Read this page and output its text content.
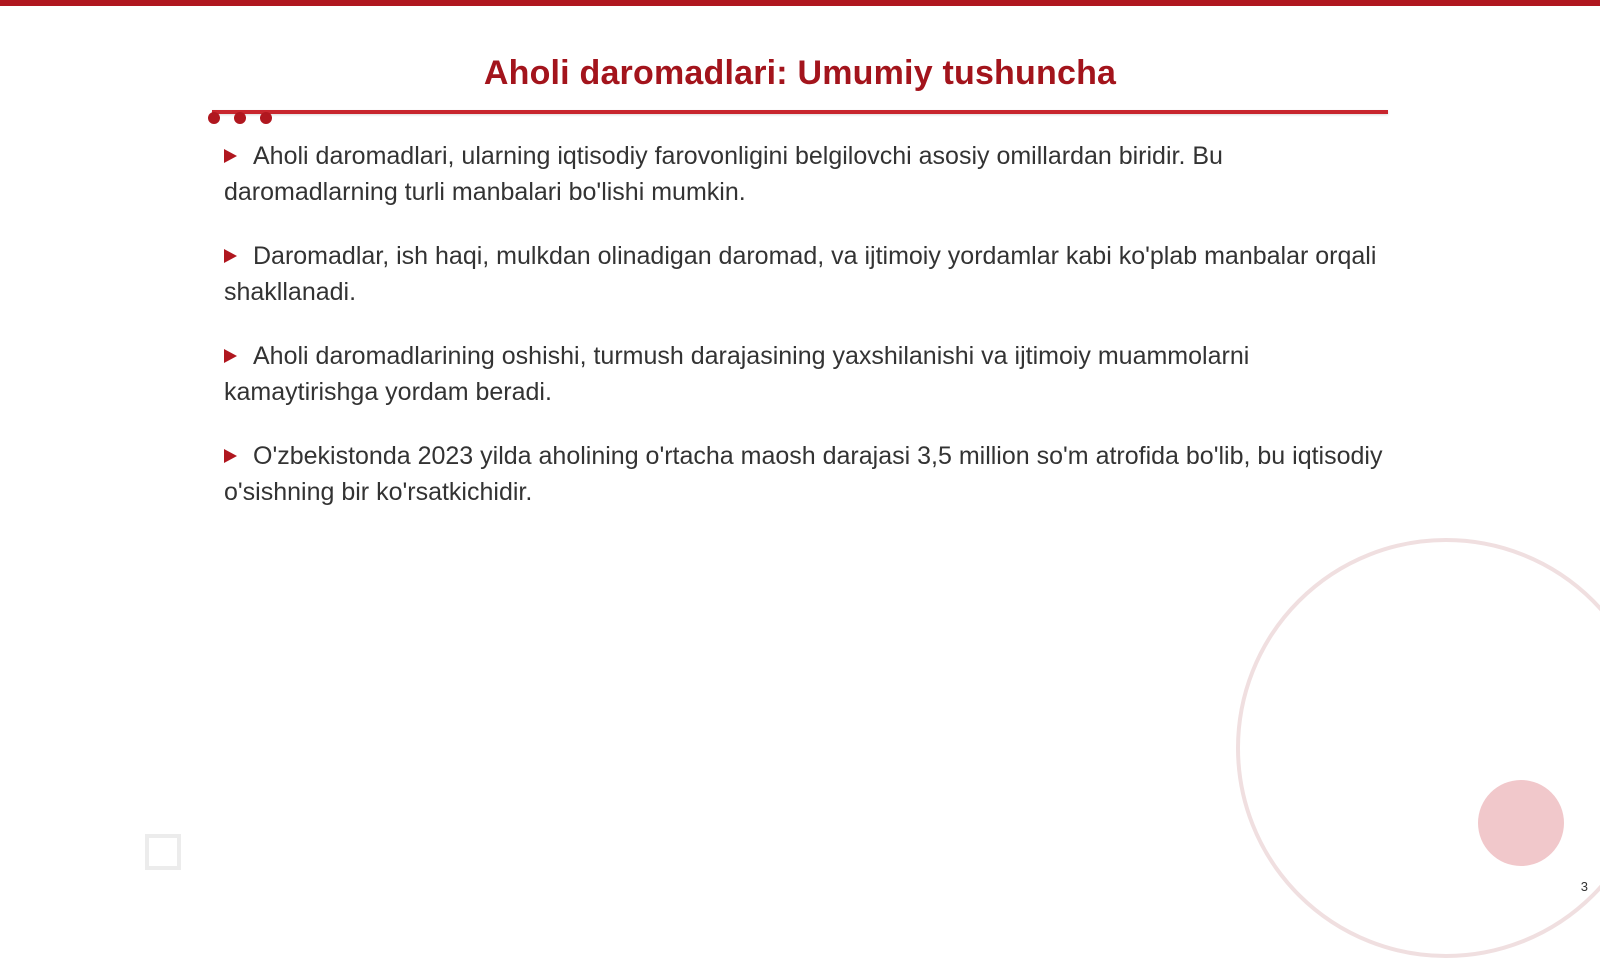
Aholi daromadlari: Umumiy tushuncha
Aholi daromadlari, ularning iqtisodiy farovonligini belgilovchi asosiy omillardan biridir. Bu daromadlarning turli manbalari bo'lishi mumkin.
Daromadlar, ish haqi, mulkdan olinadigan daromad, va ijtimoiy yordamlar kabi ko'plab manbalar orqali shakllanadi.
Aholi daromadlarining oshishi, turmush darajasining yaxshilanishi va ijtimoiy muammolarni kamaytirishga yordam beradi.
O'zbekistonda 2023 yilda aholining o'rtacha maosh darajasi 3,5 million so'm atrofida bo'lib, bu iqtisodiy o'sishning bir ko'rsatkichidir.
3
